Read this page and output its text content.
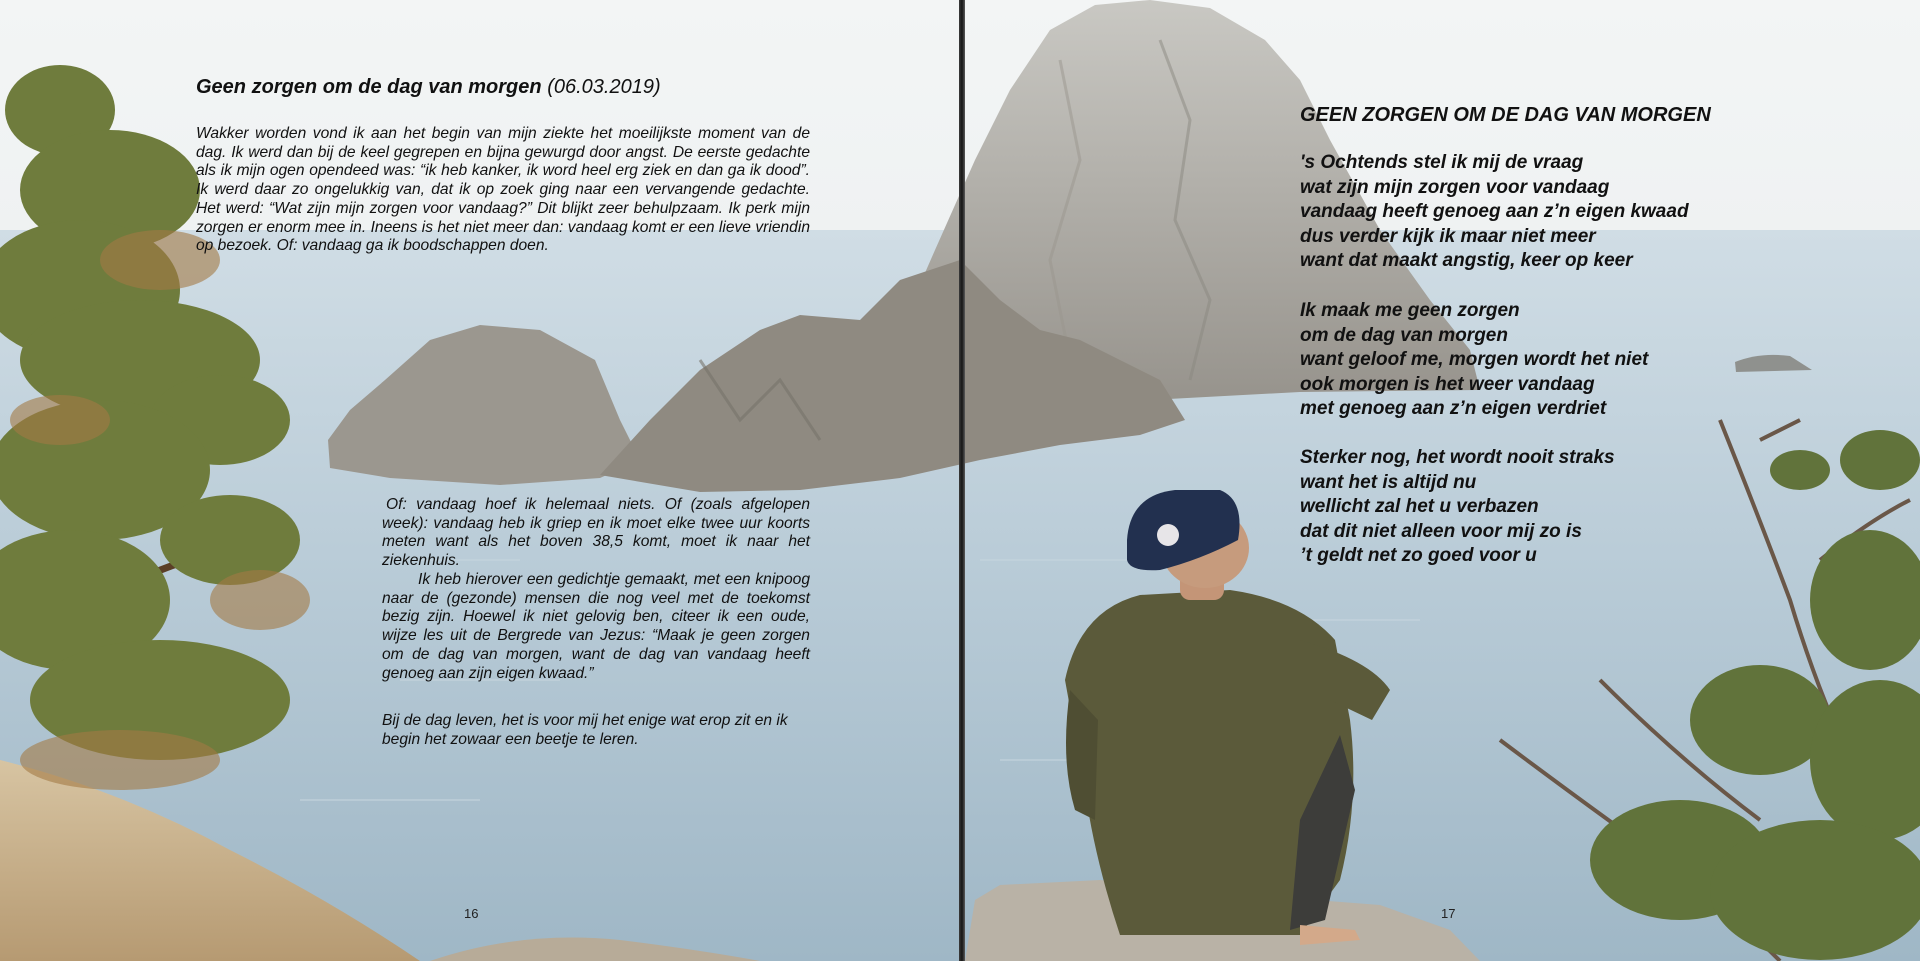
Geen zorgen om de dag van morgen (06.03.2019)

Wakker worden vond ik aan het begin van mijn ziekte het moeilijkste moment van de dag. Ik werd dan bij de keel gegrepen en bijna gewurgd door angst. De eerste gedachte als ik mijn ogen opendeed was: “ik heb kanker, ik word heel erg ziek en dan ga ik dood”. Ik werd daar zo ongelukkig van, dat ik op zoek ging naar een vervangende gedachte. Het werd: “Wat zijn mijn zorgen voor vandaag?” Dit blijkt zeer behulpzaam. Ik perk mijn zorgen er enorm mee in. Ineens is het niet meer dan: vandaag komt er een lieve vriendin op bezoek. Of: vandaag ga ik boodschappen doen.

Of: vandaag hoef ik helemaal niets. Of (zoals afgelopen week): vandaag heb ik griep en ik moet elke twee uur koorts meten want als het boven 38,5 komt, moet ik naar het ziekenhuis.

Ik heb hierover een gedichtje gemaakt, met een knipoog naar de (gezonde) mensen die nog veel met de toekomst bezig zijn. Hoewel ik niet gelovig ben, citeer ik een oude, wijze les uit de Bergrede van Jezus: “Maak je geen zorgen om de dag van morgen, want de dag van vandaag heeft genoeg aan zijn eigen kwaad.”

Bij de dag leven, het is voor mij het enige wat erop zit en ik begin het zowaar een beetje te leren.

16
GEEN ZORGEN OM DE DAG VAN MORGEN
's Ochtends stel ik mij de vraag
wat zijn mijn zorgen voor vandaag
vandaag heeft genoeg aan z’n eigen kwaad
dus verder kijk ik maar niet meer
want dat maakt angstig, keer op keer
Ik maak me geen zorgen
om de dag van morgen
want geloof me, morgen wordt het niet
ook morgen is het weer vandaag
met genoeg aan z’n eigen verdriet
Sterker nog, het wordt nooit straks
want het is altijd nu
wellicht zal het u verbazen
dat dit niet alleen voor mij zo is
’t geldt net zo goed voor u
17
